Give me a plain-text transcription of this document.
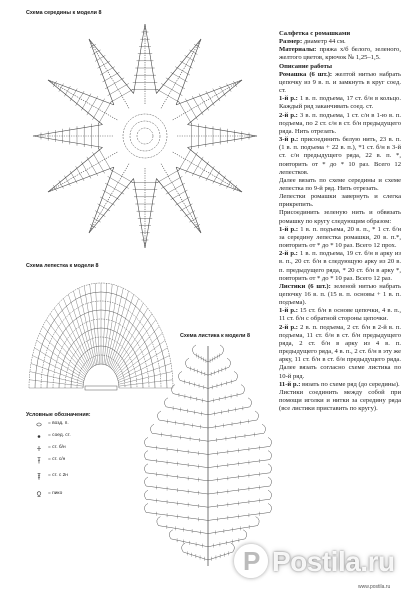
Схема середины к модели 8
Схема лепестка к модели 8
Схема листика к модели 8
Условные обозначения:
= возд. п.
= соед. ст.
= ст. б/н
= ст. с/н
= ст. с 2н
= пико

Салфетка с ромашками

Размер: диаметр 44 см.

Материалы: пряжа х/б белого, зеленого, желтого цветов, крючок № 1,25–1,5.

Описание работы

Ромашка (6 шт.): желтой нитью набрать цепочку из 9 в. п. и замкнуть в круг соед. ст.

1-й р.: 1 в. п. подъема, 17 ст. б/н в кольцо. Каждый ряд заканчивать соед. ст.

2-й р.: 3 в. п. подъема, 1 ст. с/н в 1-ю в. п. подъема, по 2 ст. с/н в ст. б/н предыдущего ряда. Нить отрезать.

3-й р.: присоединить белую нить, 23 в. п. (1 в. п. подъема + 22 в. п.), *1 ст. б/н в 3-й ст. с/н предыдущего ряда, 22 в. п. *, повторить от * до * 10 раз. Всего 12 лепестков.

Далее вязать по схеме середины и схеме лепестка по 9-й ряд. Нить отрезать.

Лепестки ромашки завернуть и слегка прикрепить.

Присоединить зеленую нить и обвязать ромашку по кругу следующим образом:

1-й р.: 1 в. п. подъема, 20 в. п., * 1 ст. б/н за середину лепестка ромашки, 20 в. п.*, повторить от * до * 10 раз. Всего 12 прох.

2-й р.: 1 в. п. подъема, 19 ст. б/н в арку из в. п., 20 ст. б/н в следующую арку из 20 в. п. предыдущего ряда, * 20 ст. б/н в арку *, повторить от * до * 10 раз. Всего 12 раз.

Листики (6 шт.): зеленой нитью набрать цепочку 16 в. п. (15 в. п. основы + 1 в. п. подъема).

1-й р.: 15 ст. б/н в основе цепочки, 4 в. п., 11 ст. б/н с обратной стороны цепочки.

2-й р.: 2 в. п. подъема, 2 ст. б/н в 2-й в. п. подъема, 11 ст. б/н в ст. б/н предыдущего ряда, 2 ст. б/н в арку из 4 в. п. предыдущего ряда, 4 в. п., 2 ст. б/н в эту же арку, 11 ст. б/н в ст. б/н предыдущего ряда. Далее вязать согласно схеме листика по 10-й ряд.

11-й р.: вязать по схеме ряд (до середины).

Листики соединить между собой при помощи иголки и нитки за середину ряда (все листики приставить по кругу).

P
Postila.ru
www.postila.ru
